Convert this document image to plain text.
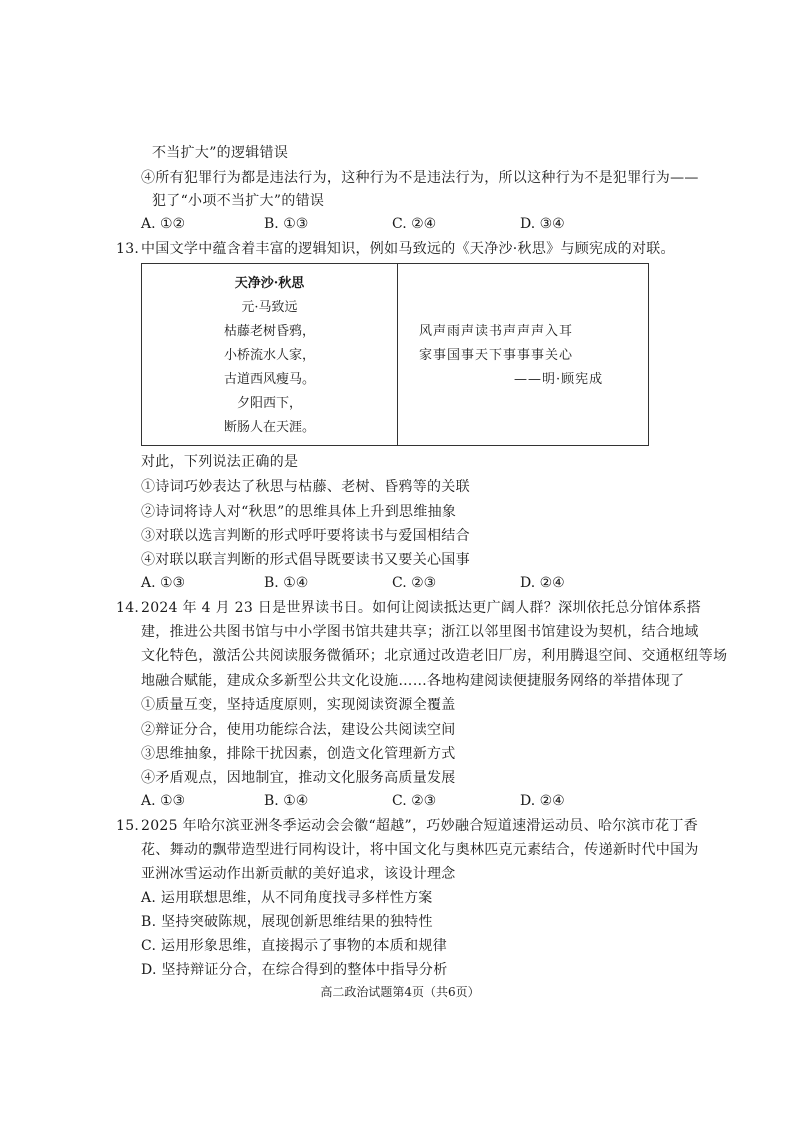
不当扩大”的逻辑错误
④所有犯罪行为都是违法行为，这种行为不是违法行为，所以这种行为不是犯罪行为——
犯了“小项不当扩大”的错误
A. ①②	B. ①③	C. ②④	D. ③④
13. 中国文学中蕴含着丰富的逻辑知识，例如马致远的《天净沙·秋思》与顾宪成的对联。
天净沙·秋思
元·马致远
枯藤老树昏鸦，
小桥流水人家，
古道西风瘦马。
夕阳西下，
断肠人在天涯。
风声雨声读书声声声入耳
家事国事天下事事事关心
——明·顾宪成
对此，下列说法正确的是
①诗词巧妙表达了秋思与枯藤、老树、昏鸦等的关联
②诗词将诗人对“秋思”的思维具体上升到思维抽象
③对联以选言判断的形式呼吁要将读书与爱国相结合
④对联以联言判断的形式倡导既要读书又要关心国事
A. ①③	B. ①④	C. ②③	D. ②④
14. 2024 年 4 月 23 日是世界读书日。如何让阅读抵达更广阔人群？深圳依托总分馆体系搭
建，推进公共图书馆与中小学图书馆共建共享；浙江以邻里图书馆建设为契机，结合地域
文化特色，激活公共阅读服务微循环；北京通过改造老旧厂房，利用腾退空间、交通枢纽等场
地融合赋能，建成众多新型公共文化设施……各地构建阅读便捷服务网络的举措体现了
①质量互变，坚持适度原则，实现阅读资源全覆盖
②辩证分合，使用功能综合法，建设公共阅读空间
③思维抽象，排除干扰因素，创造文化管理新方式
④矛盾观点，因地制宜，推动文化服务高质量发展
A. ①③	B. ①④	C. ②③	D. ②④
15. 2025 年哈尔滨亚洲冬季运动会会徽“超越”，巧妙融合短道速滑运动员、哈尔滨市花丁香
花、舞动的飘带造型进行同构设计，将中国文化与奥林匹克元素结合，传递新时代中国为
亚洲冰雪运动作出新贡献的美好追求，该设计理念
A. 运用联想思维，从不同角度找寻多样性方案
B. 坚持突破陈规，展现创新思维结果的独特性
C. 运用形象思维，直接揭示了事物的本质和规律
D. 坚持辩证分合，在综合得到的整体中指导分析
高二政治试题第4页（共6页）
